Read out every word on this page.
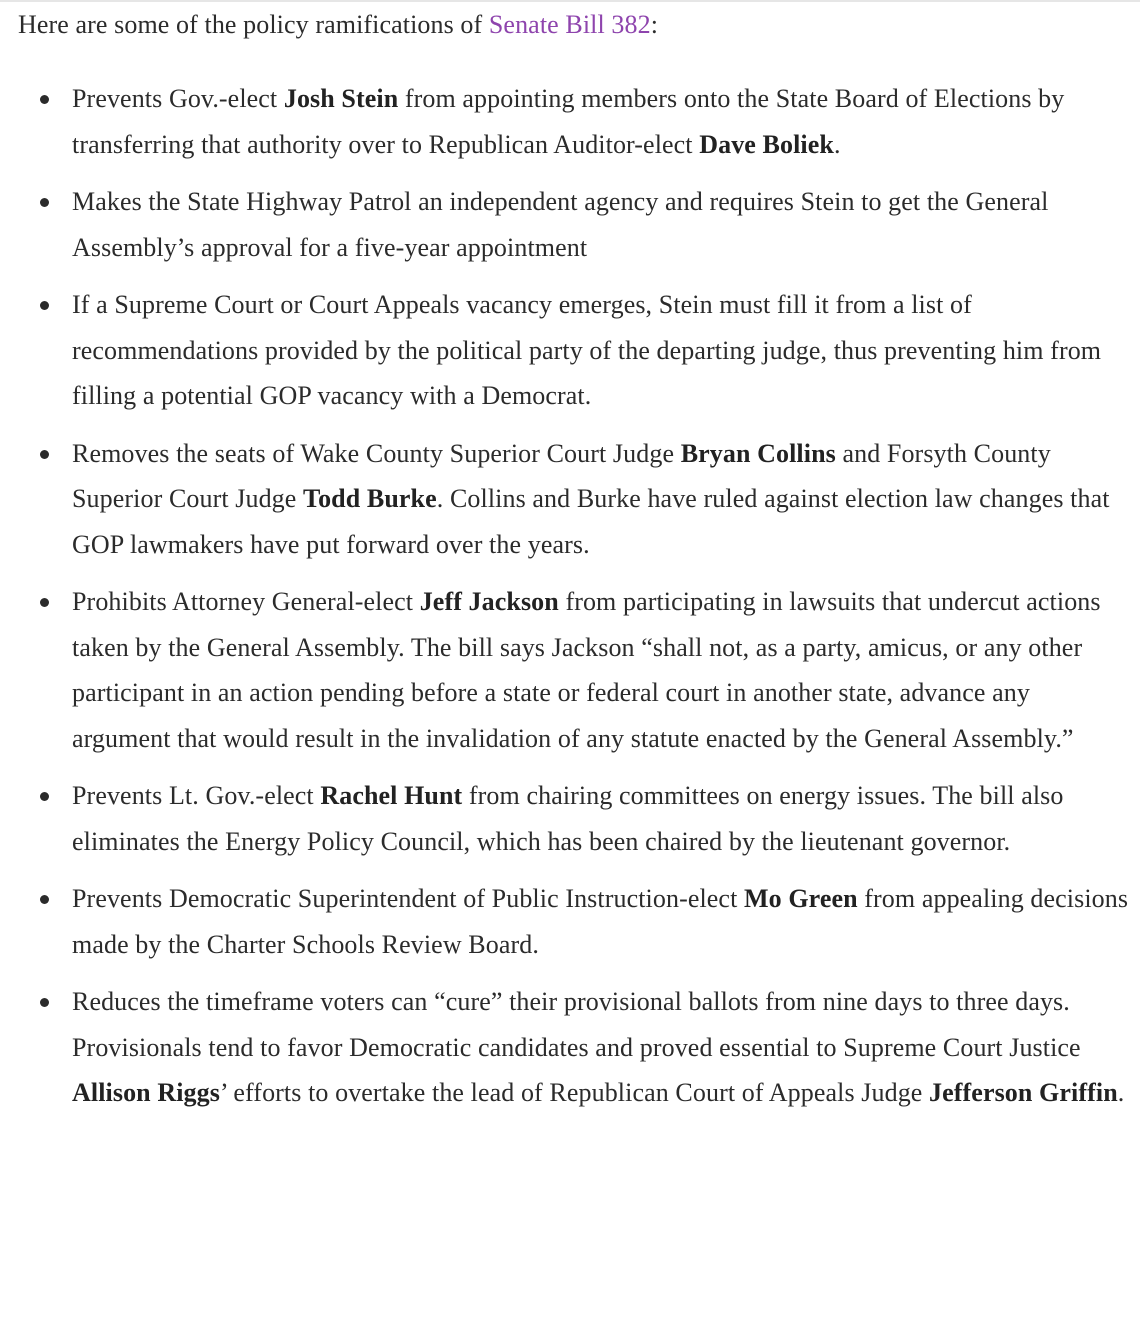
Here are some of the policy ramifications of Senate Bill 382:

Prevents Gov.-elect Josh Stein from appointing members onto the State Board of Elections by transferring that authority over to Republican Auditor-elect Dave Boliek.
Makes the State Highway Patrol an independent agency and requires Stein to get the General Assembly’s approval for a five-year appointment
If a Supreme Court or Court Appeals vacancy emerges, Stein must fill it from a list of recommendations provided by the political party of the departing judge, thus preventing him from filling a potential GOP vacancy with a Democrat.
Removes the seats of Wake County Superior Court Judge Bryan Collins and Forsyth County Superior Court Judge Todd Burke. Collins and Burke have ruled against election law changes that GOP lawmakers have put forward over the years.
Prohibits Attorney General-elect Jeff Jackson from participating in lawsuits that undercut actions taken by the General Assembly. The bill says Jackson “shall not, as a party, amicus, or any other participant in an action pending before a state or federal court in another state, advance any argument that would result in the invalidation of any statute enacted by the General Assembly.”
Prevents Lt. Gov.-elect Rachel Hunt from chairing committees on energy issues. The bill also eliminates the Energy Policy Council, which has been chaired by the lieutenant governor.
Prevents Democratic Superintendent of Public Instruction-elect Mo Green from appealing decisions made by the Charter Schools Review Board.
Reduces the timeframe voters can “cure” their provisional ballots from nine days to three days. Provisionals tend to favor Democratic candidates and proved essential to Supreme Court Justice Allison Riggs’ efforts to overtake the lead of Republican Court of Appeals Judge Jefferson Griffin.
